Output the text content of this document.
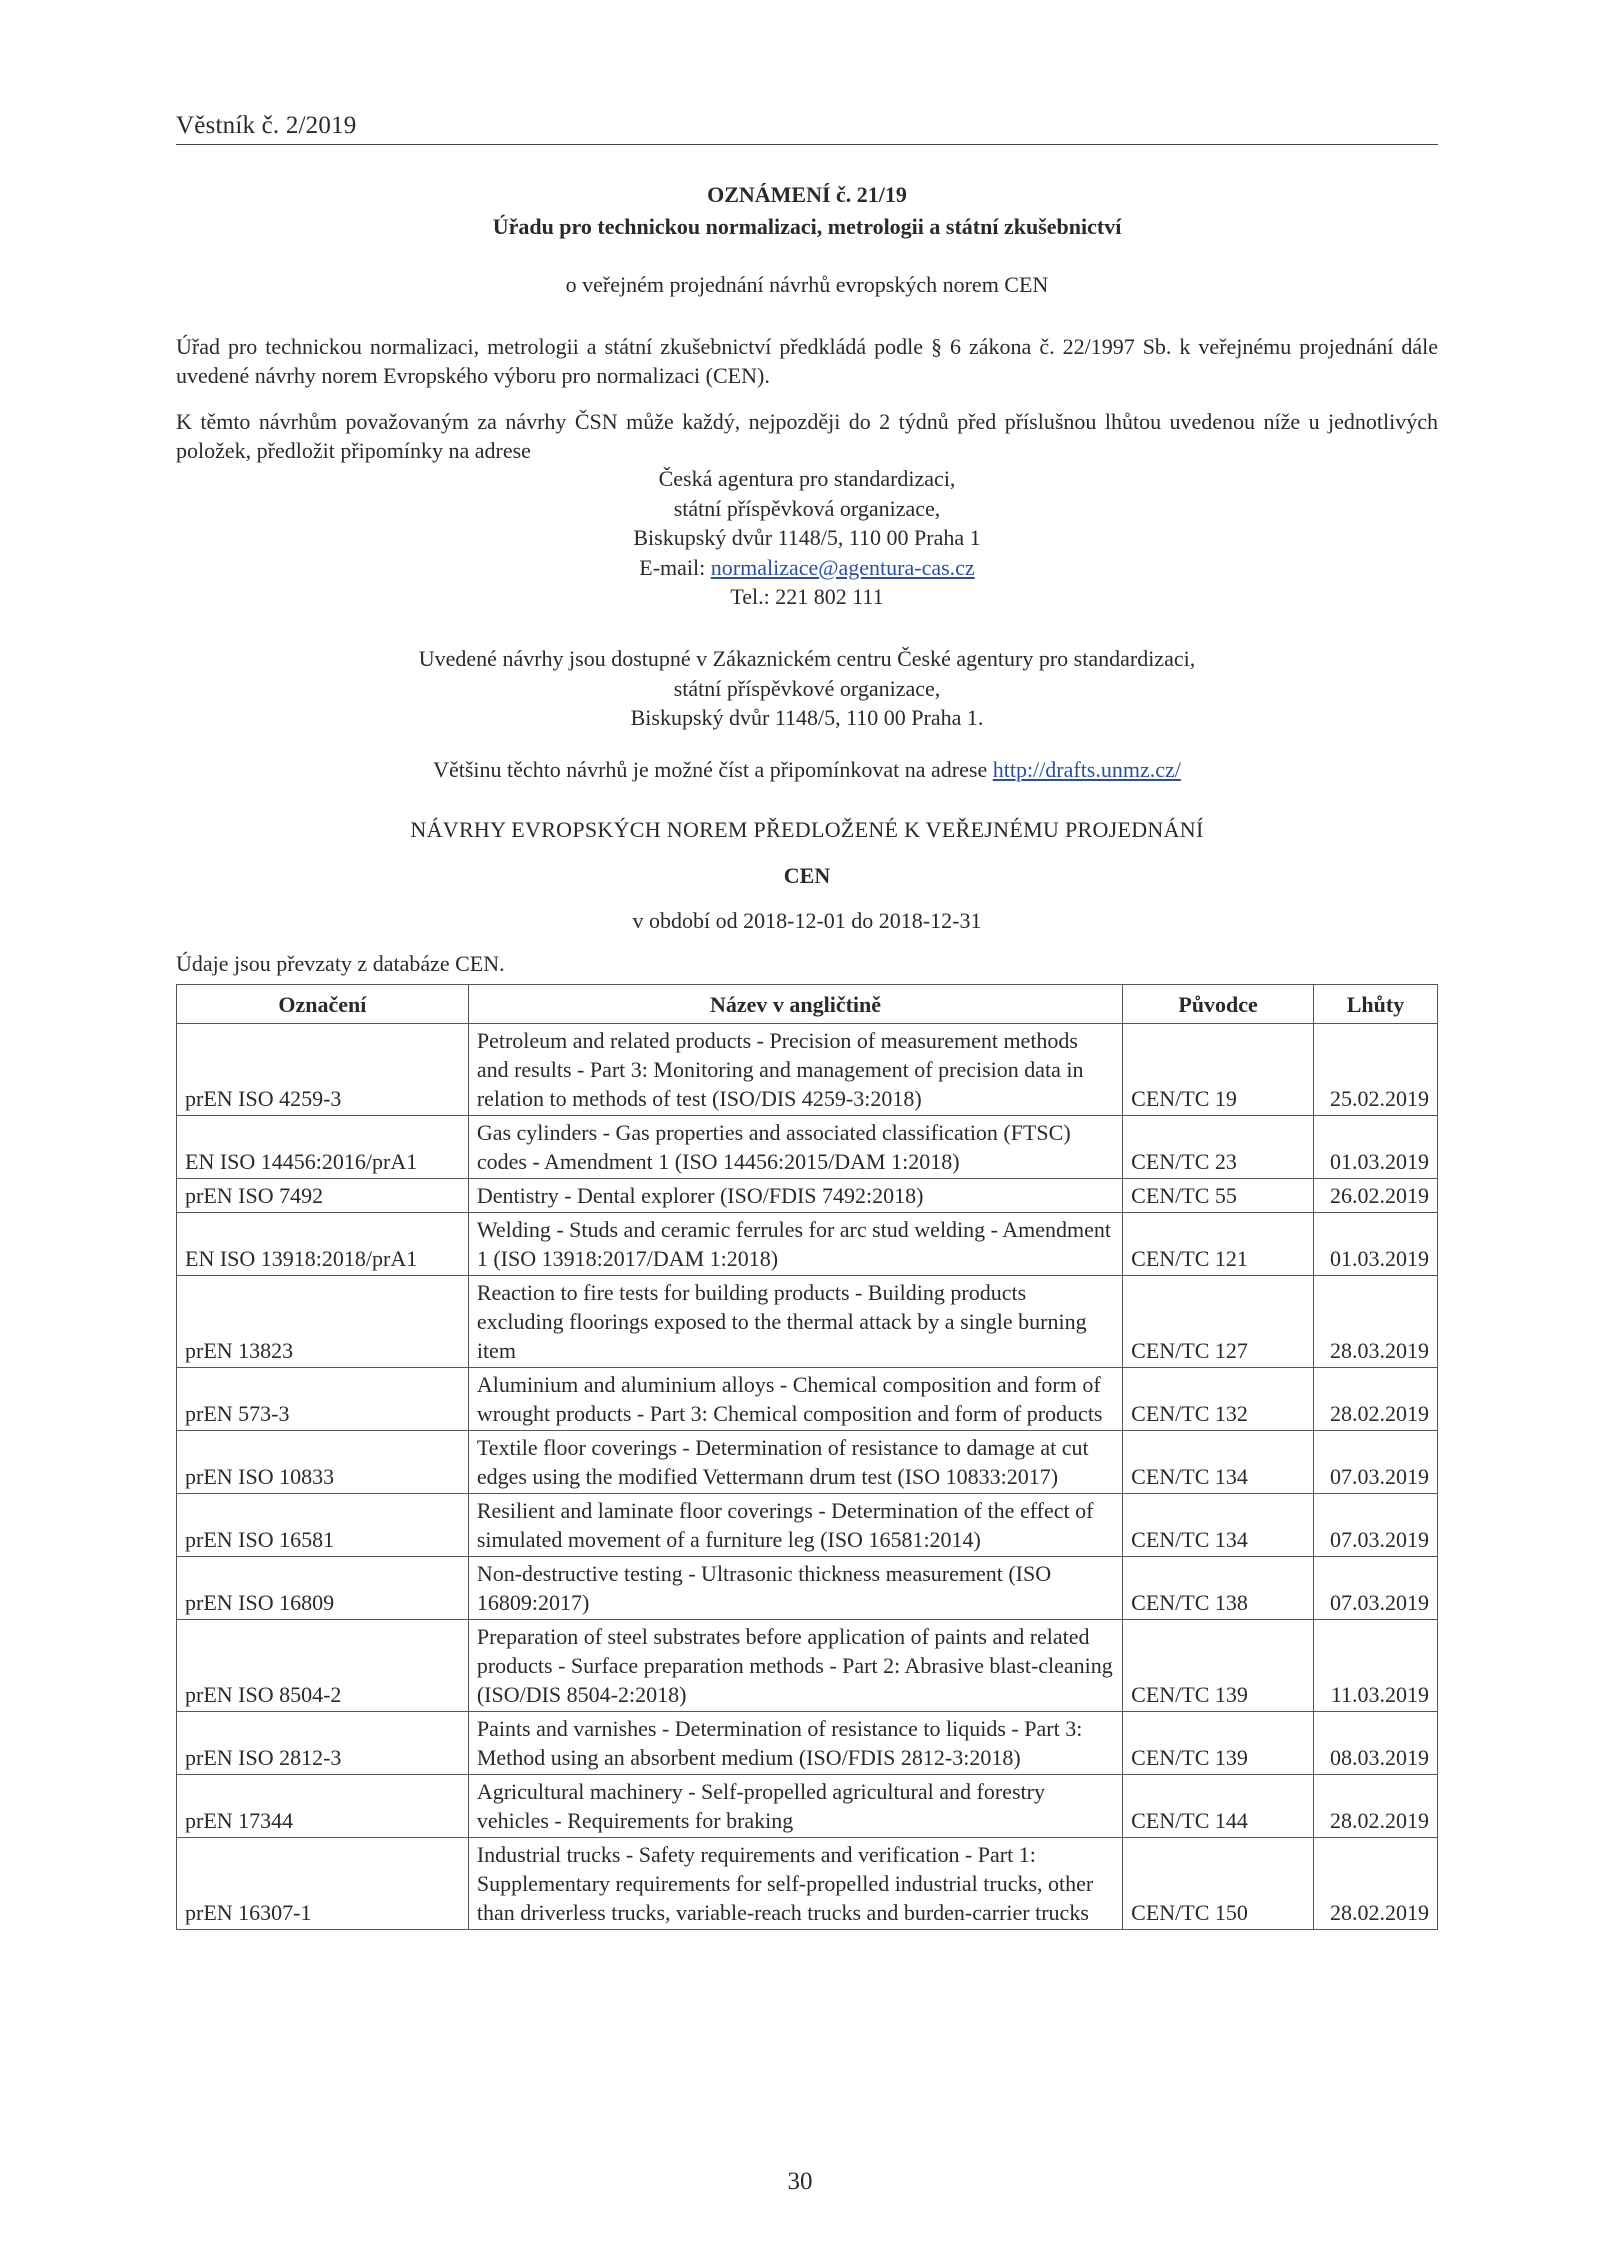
Věstník č. 2/2019
OZNÁMENÍ č. 21/19
Úřadu pro technickou normalizaci, metrologii a státní zkušebnictví
o veřejném projednání návrhů evropských norem CEN
Úřad pro technickou normalizaci, metrologii a státní zkušebnictví předkládá podle § 6 zákona č. 22/1997 Sb. k veřejnému projednání dále uvedené návrhy norem Evropského výboru pro normalizaci (CEN).
K těmto návrhům považovaným za návrhy ČSN může každý, nejpozději do 2 týdnů před příslušnou lhůtou uvedenou níže u jednotlivých položek, předložit připomínky na adrese
Česká agentura pro standardizaci,
státní příspěvková organizace,
Biskupský dvůr 1148/5, 110 00 Praha 1
E-mail: normalizace@agentura-cas.cz
Tel.: 221 802 111
Uvedené návrhy jsou dostupné v Zákaznickém centru České agentury pro standardizaci,
státní příspěvkové organizace,
Biskupský dvůr 1148/5, 110 00 Praha 1.
Většinu těchto návrhů je možné číst a připomínkovat na adrese http://drafts.unmz.cz/
NÁVRHY EVROPSKÝCH NOREM PŘEDLOŽENÉ K VEŘEJNÉMU PROJEDNÁNÍ
CEN
v období od 2018-12-01 do 2018-12-31
Údaje jsou převzaty z databáze CEN.
Označení	Název v angličtině	Původce	Lhůty
prEN ISO 4259-3	Petroleum and related products - Precision of measurement methods and results - Part 3: Monitoring and management of precision data in relation to methods of test (ISO/DIS 4259-3:2018)	CEN/TC 19	25.02.2019
EN ISO 14456:2016/prA1	Gas cylinders - Gas properties and associated classification (FTSC) codes - Amendment 1 (ISO 14456:2015/DAM 1:2018)	CEN/TC 23	01.03.2019
prEN ISO 7492	Dentistry - Dental explorer (ISO/FDIS 7492:2018)	CEN/TC 55	26.02.2019
EN ISO 13918:2018/prA1	Welding - Studs and ceramic ferrules for arc stud welding - Amendment 1 (ISO 13918:2017/DAM 1:2018)	CEN/TC 121	01.03.2019
prEN 13823	Reaction to fire tests for building products - Building products excluding floorings exposed to the thermal attack by a single burning item	CEN/TC 127	28.03.2019
prEN 573-3	Aluminium and aluminium alloys - Chemical composition and form of wrought products - Part 3: Chemical composition and form of products	CEN/TC 132	28.02.2019
prEN ISO 10833	Textile floor coverings - Determination of resistance to damage at cut edges using the modified Vettermann drum test (ISO 10833:2017)	CEN/TC 134	07.03.2019
prEN ISO 16581	Resilient and laminate floor coverings - Determination of the effect of simulated movement of a furniture leg (ISO 16581:2014)	CEN/TC 134	07.03.2019
prEN ISO 16809	Non-destructive testing - Ultrasonic thickness measurement (ISO 16809:2017)	CEN/TC 138	07.03.2019
prEN ISO 8504-2	Preparation of steel substrates before application of paints and related products - Surface preparation methods - Part 2: Abrasive blast-cleaning (ISO/DIS 8504-2:2018)	CEN/TC 139	11.03.2019
prEN ISO 2812-3	Paints and varnishes - Determination of resistance to liquids - Part 3: Method using an absorbent medium (ISO/FDIS 2812-3:2018)	CEN/TC 139	08.03.2019
prEN 17344	Agricultural machinery - Self-propelled agricultural and forestry vehicles - Requirements for braking	CEN/TC 144	28.02.2019
prEN 16307-1	Industrial trucks - Safety requirements and verification - Part 1: Supplementary requirements for self-propelled industrial trucks, other than driverless trucks, variable-reach trucks and burden-carrier trucks	CEN/TC 150	28.02.2019
30
